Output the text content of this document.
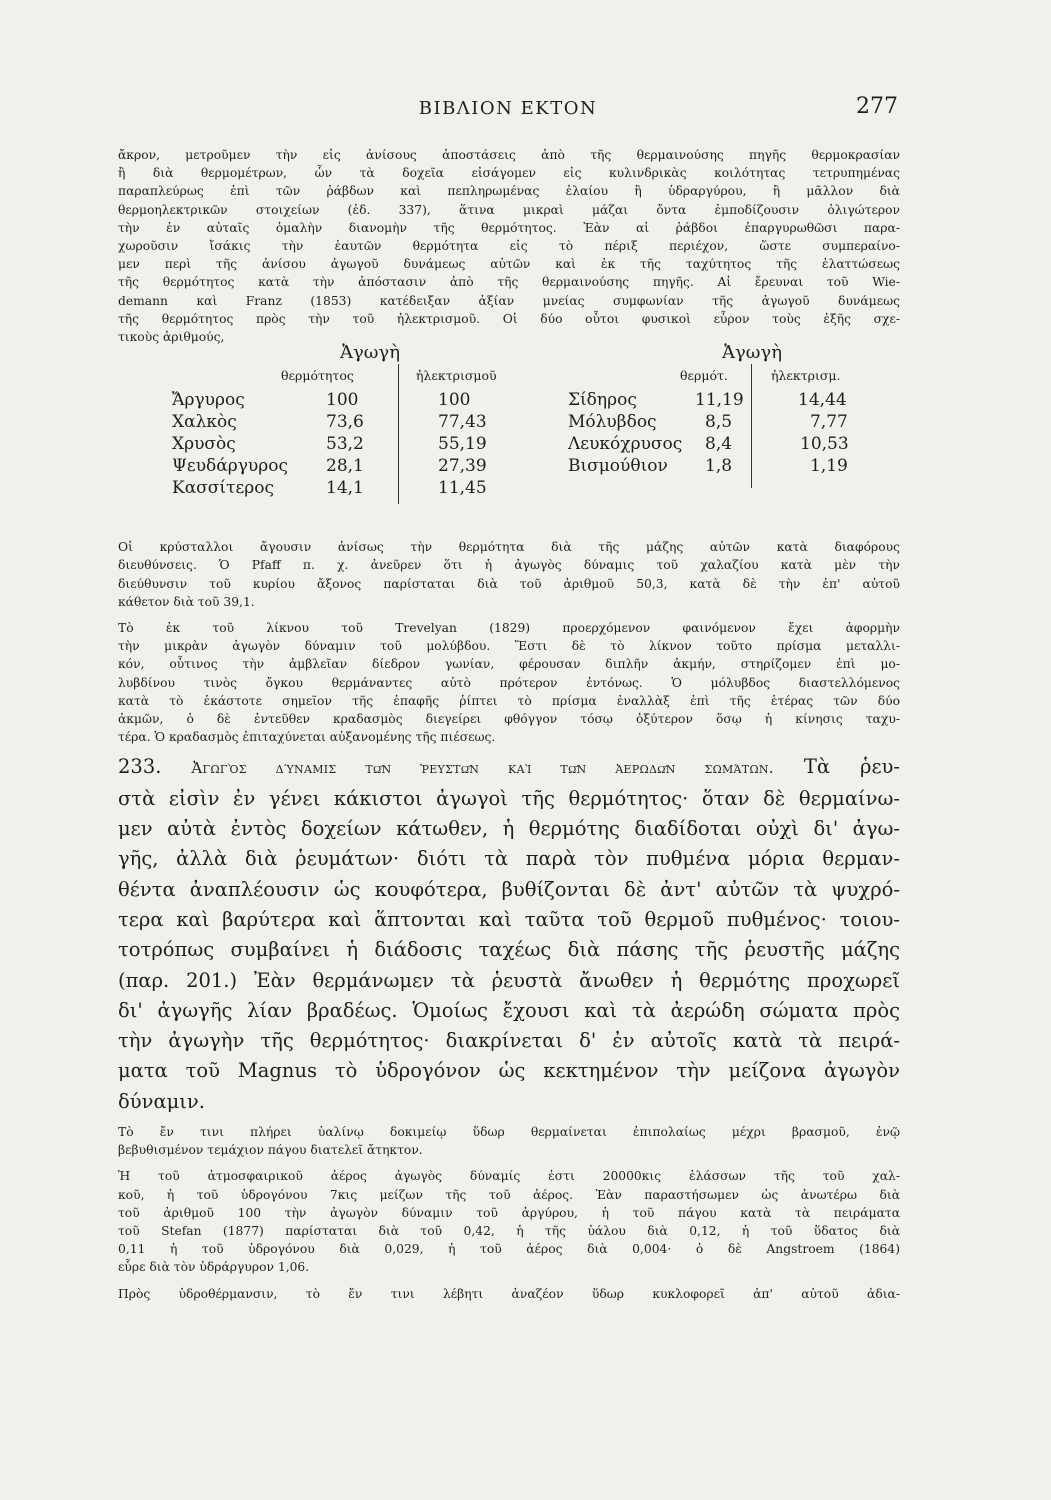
ΒΙΒΛΙΟΝ ΕΚΤΟΝ	277

ἄκρον, μετροῦμεν τὴν εἰς ἀνίσους ἀποστάσεις ἀπὸ τῆς θερμαινούσης πηγῆς θερμοκρασίαν
ἢ διὰ θερμομέτρων, ὧν τὰ δοχεῖα εἰσάγομεν εἰς κυλινδρικὰς κοιλότητας τετρυπημένας
παραπλεύρως ἐπὶ τῶν ῥάβδων καὶ πεπληρωμένας ἐλαίου ἢ ὑδραργύρου, ἢ μᾶλλον διὰ
θερμοηλεκτρικῶν στοιχείων (ἐδ. 337), ἅτινα μικραὶ μάζαι ὄντα ἐμποδίζουσιν ὀλιγώτερον
τὴν ἐν αὐταῖς ὁμαλὴν διανομὴν τῆς θερμότητος. Ἐὰν αἱ ῥάβδοι ἐπαργυρωθῶσι παρα-
χωροῦσιν ἴσάκις τὴν ἑαυτῶν θερμότητα εἰς τὸ πέριξ περιέχον, ὥστε συμπεραίνο-
μεν περὶ τῆς ἀνίσου ἀγωγοῦ δυνάμεως αὐτῶν καὶ ἐκ τῆς ταχύτητος τῆς ἐλαττώσεως
τῆς θερμότητος κατὰ τὴν ἀπόστασιν ἀπὸ τῆς θερμαινούσης πηγῆς. Αἱ ἔρευναι τοῦ Wie-
demann καὶ Franz (1853) κατέδειξαν ἀξίαν μνείας συμφωνίαν τῆς ἀγωγοῦ δυνάμεως
τῆς θερμότητος πρὸς τὴν τοῦ ἠλεκτρισμοῦ. Οἱ δύο οὗτοι φυσικοὶ εὗρον τοὺς ἑξῆς σχε-
τικοὺς ἀριθμούς,

Ἀγωγὴ	Ἀγωγὴ
θερμότητος	ἠλεκτρισμοῦ	θερμότ.	ἠλεκτρισμ.
Ἄργυρος	100	100
Χαλκὸς	73,6	77,43
Χρυσὸς	53,2	55,19
Ψευδάργυρος 28,1	27,39
Κασσίτερος	14,1	11,45
Σίδηρος	11,19	14,44
Μόλυβδος	8,5	7,77
Λευκόχρυσος 8,4	10,53
Βισμούθιον 1,8	1,19

Οἱ κρύσταλλοι ἄγουσιν ἀνίσως τὴν θερμότητα διὰ τῆς μάζης αὐτῶν κατὰ διαφόρους
διευθύνσεις. Ὁ Pfaff π. χ. ἀνεῦρεν ὅτι ἡ ἀγωγὸς δύναμις τοῦ χαλαζίου κατὰ μὲν τὴν
διεύθυνσιν τοῦ κυρίου ἄξονος παρίσταται διὰ τοῦ ἀριθμοῦ 50,3, κατὰ δὲ τὴν ἐπ' αὐτοῦ
κάθετον διὰ τοῦ 39,1.

Τὸ ἐκ τοῦ λίκνου τοῦ Trevelyan (1829) προερχόμενον φαινόμενον ἔχει ἀφορμὴν
τὴν μικρὰν ἀγωγὸν δύναμιν τοῦ μολύβδου. Ἔστι δὲ τὸ λίκνον τοῦτο πρίσμα μεταλλι-
κόν, οὗτινος τὴν ἀμβλεῖαν δίεδρον γωνίαν, φέρουσαν διπλῆν ἀκμήν, στηρίζομεν ἐπὶ μο-
λυβδίνου τινὸς ὄγκου θερμάναντες αὐτὸ πρότερον ἐντόνως. Ὁ μόλυβδος διαστελλόμενος
κατὰ τὸ ἑκάστοτε σημεῖον τῆς ἐπαφῆς ῥίπτει τὸ πρίσμα ἐναλλὰξ ἐπὶ τῆς ἑτέρας τῶν δύο
ἀκμῶν, ὁ δὲ ἐντεῦθεν κραδασμὸς διεγείρει φθόγγον τόσῳ ὀξύτερον ὅσῳ ἡ κίνησις ταχυ-
τέρα. Ὁ κραδασμὸς ἐπιταχύνεται αὐξανομένης τῆς πιέσεως.

233. Ἀγωγὸς δύναμις τῶν ῥευστῶν καὶ τῶν ἀερωδῶν σωμάτων. Τὰ ῥευ-
στὰ εἰσὶν ἐν γένει κάκιστοι ἀγωγοὶ τῆς θερμότητος· ὅταν δὲ θερμαίνω-
μεν αὐτὰ ἐντὸς δοχείων κάτωθεν, ἡ θερμότης διαδίδοται οὐχὶ δι' ἀγω-
γῆς, ἀλλὰ διὰ ῥευμάτων· διότι τὰ παρὰ τὸν πυθμένα μόρια θερμαν-
θέντα ἀναπλέουσιν ὡς κουφότερα, βυθίζονται δὲ ἀντ' αὐτῶν τὰ ψυχρό-
τερα καὶ βαρύτερα καὶ ἅπτονται καὶ ταῦτα τοῦ θερμοῦ πυθμένος· τοιου-
τοτρόπως συμβαίνει ἡ διάδοσις ταχέως διὰ πάσης τῆς ῥευστῆς μάζης
(παρ. 201.) Ἐὰν θερμάνωμεν τὰ ῥευστὰ ἄνωθεν ἡ θερμότης προχωρεῖ
δι' ἀγωγῆς λίαν βραδέως. Ὁμοίως ἔχουσι καὶ τὰ ἀερώδη σώματα πρὸς
τὴν ἀγωγὴν τῆς θερμότητος· διακρίνεται δ' ἐν αὐτοῖς κατὰ τὰ πειρά-
ματα τοῦ Magnus τὸ ὑδρογόνον ὡς κεκτημένον τὴν μείζονα ἀγωγὸν
δύναμιν.

Τὸ ἔν τινι πλήρει ὑαλίνῳ δοκιμείῳ ὕδωρ θερμαίνεται ἐπιπολαίως μέχρι βρασμοῦ, ἐνῷ
βεβυθισμένον τεμάχιον πάγου διατελεῖ ἄτηκτον.

Ἡ τοῦ ἀτμοσφαιρικοῦ ἀέρος ἀγωγὸς δύναμίς ἐστι 20000κις ἐλάσσων τῆς τοῦ χαλ-
κοῦ, ἡ τοῦ ὑδρογόνου 7κις μείζων τῆς τοῦ ἀέρος. Ἐὰν παραστήσωμεν ὡς ἀνωτέρω διὰ
τοῦ ἀριθμοῦ 100 τὴν ἀγωγὸν δύναμιν τοῦ ἀργύρου, ἡ τοῦ πάγου κατὰ τὰ πειράματα
τοῦ Stefan (1877) παρίσταται διὰ τοῦ 0,42, ἡ τῆς ὑάλου διὰ 0,12, ἡ τοῦ ὕδατος διὰ
0,11 ἡ τοῦ ὑδρογόνου διὰ 0,029, ἡ τοῦ ἀέρος διὰ 0,004· ὁ δὲ Angstroem (1864)
εὗρε διὰ τὸν ὑδράργυρον 1,06.

Πρὸς ὑδροθέρμανσιν, τὸ ἔν τινι λέβητι ἀναζέον ὕδωρ κυκλοφορεῖ ἀπ' αὐτοῦ ἀδια-
